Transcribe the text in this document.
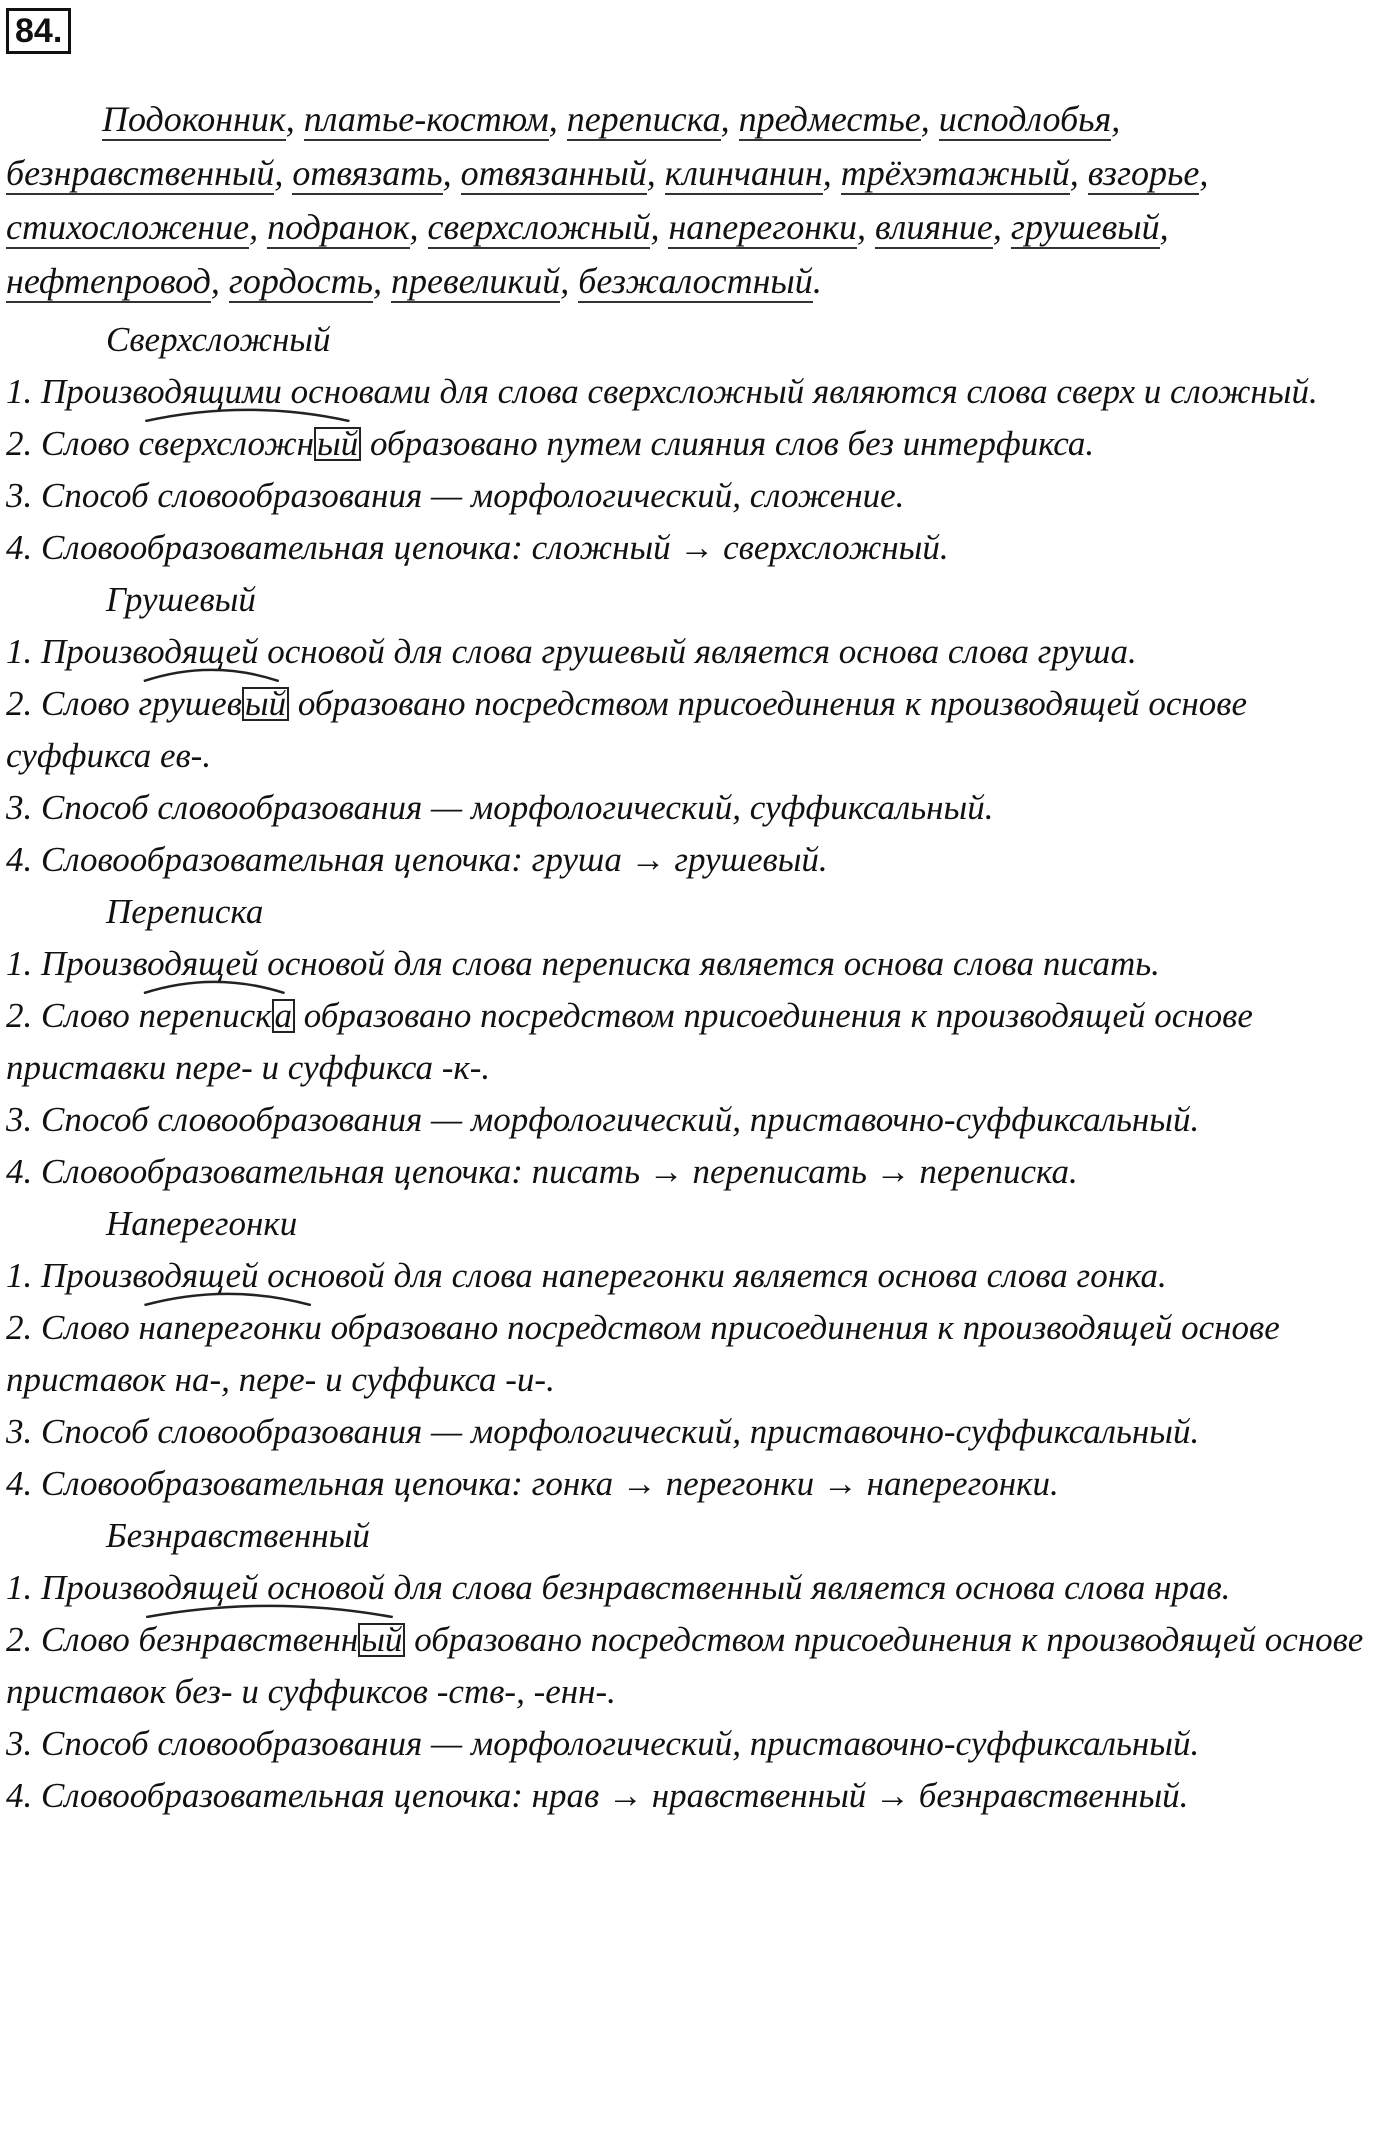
84.
Подоконник, платье-костюм, переписка, предместье, исподлобья, безнравственный, отвязать, отвязанный, клинчанин, трёхэтажный, взгорье, стихосложение, подранок, сверхсложный, наперегонки, влияние, грушевый, нефтепровод, гордость, превеликий, безжалостный.
Сверхсложный
1. Производящими основами для слова сверхсложный являются слова сверх и сложный.
2. Слово
сверхсложный образовано путем слияния слов без интерфикса.
3. Способ словообразования — морфологический, сложение.
4. Словообразовательная цепочка: сложный → сверхсложный.
Грушевый
1. Производящей основой для слова грушевый является основа слова груша.
2. Слово
грушевый образовано посредством присоединения к производящей основе суффикса ев-.
3. Способ словообразования — морфологический, суффиксальный.
4. Словообразовательная цепочка: груша → грушевый.
Переписка
1. Производящей основой для слова переписка является основа слова писать.
2. Слово
переписка образовано посредством присоединения к производящей основе приставки пере- и суффикса -к-.
3. Способ словообразования — морфологический, приставочно-суффиксальный.
4. Словообразовательная цепочка: писать → переписать → переписка.
Наперегонки
1. Производящей основой для слова наперегонки является основа слова гонка.
2. Слово
наперегонки образовано посредством присоединения к производящей основе приставок на-, пере- и суффикса -и-.
3. Способ словообразования — морфологический, приставочно-суффиксальный.
4. Словообразовательная цепочка: гонка → перегонки → наперегонки.
Безнравственный
1. Производящей основой для слова безнравственный является основа слова нрав.
2. Слово
безнравственный образовано посредством присоединения к производящей основе приставок без- и суффиксов -ств-, -енн-.
3. Способ словообразования — морфологический, приставочно-суффиксальный.
4. Словообразовательная цепочка: нрав → нравственный → безнравственный.
